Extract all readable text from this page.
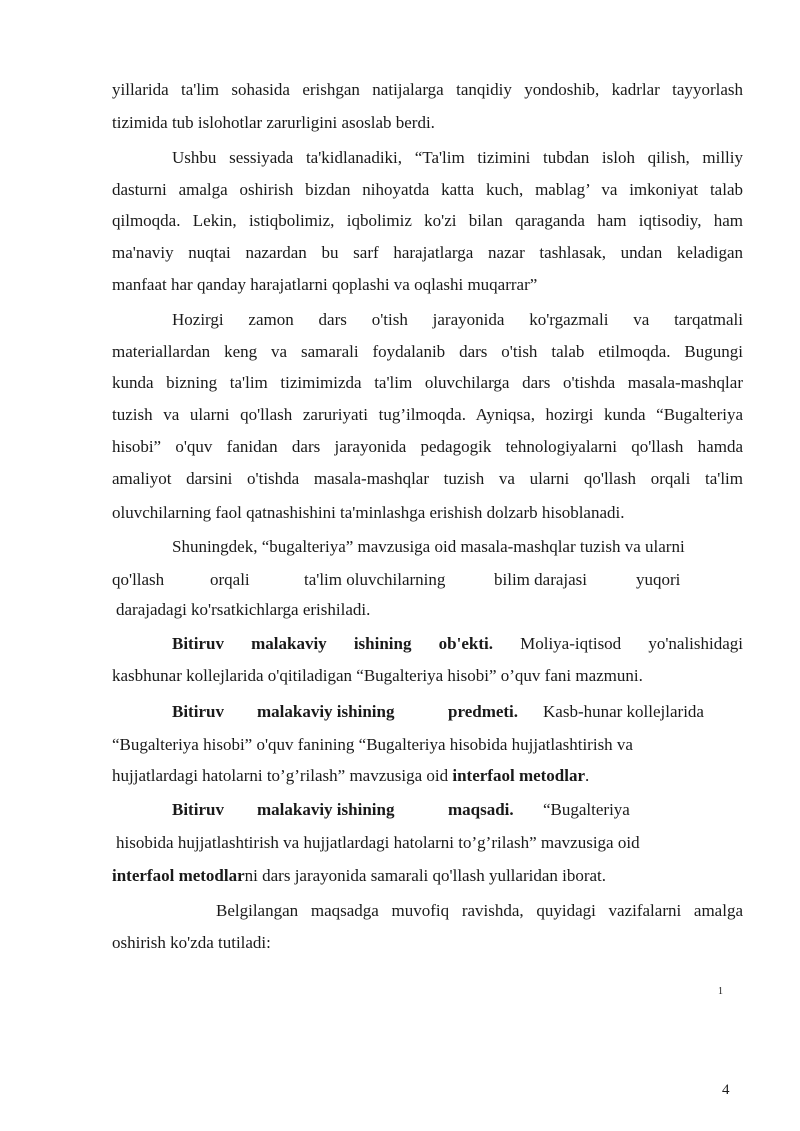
yillarida ta'lim sohasida erishgan natijalarga tanqidiy yondoshib, kadrlar tayyorlash
tizimida tub islohotlar zarurligini asoslab berdi.
Ushbu sessiyada ta'kidlanadiki, “Ta'lim tizimini tubdan isloh qilish, milliy
dasturni amalga oshirish bizdan nihoyatda katta kuch, mablag’ va imkoniyat talab
qilmoqda. Lekin, istiqbolimiz, iqbolimiz ko'zi bilan qaraganda ham iqtisodiy, ham
ma'naviy nuqtai nazardan bu sarf harajatlarga nazar tashlasak, undan keladigan
manfaat har qanday harajatlarni qoplashi va oqlashi muqarrar”
Hozirgi zamon dars o'tish jarayonida ko'rgazmali va tarqatmali
materiallardan keng va samarali foydalanib dars o'tish talab etilmoqda. Bugungi
kunda bizning ta'lim tizimimizda ta'lim oluvchilarga dars o'tishda masala-mashqlar
tuzish va ularni qo'llash zaruriyati tug’ilmoqda. Ayniqsa, hozirgi kunda “Bugalteriya
hisobi” o'quv fanidan dars jarayonida pedagogik tehnologiyalarni qo'llash hamda
amaliyot darsini o'tishda masala-mashqlar tuzish va ularni qo'llash orqali ta'lim
oluvchilarning faol qatnashishini ta'minlashga erishish dolzarb hisoblanadi.
Shuningdek, “bugalteriya” mavzusiga oid masala-mashqlar tuzish va ularni
qo'llash	orqali	ta'lim oluvchilarning	bilim darajasi	yuqori
darajadagi ko'rsatkichlarga erishiladi.
Bitiruv malakaviy ishining ob'ekti. Moliya-iqtisod yo'nalishidagi
kasbhunar kollejlarida o'qitiladigan “Bugalteriya hisobi” o’quv fani mazmuni.
Bitiruv malakaviy ishining	predmeti. Kasb-hunar kollejlarida
“Bugalteriya hisobi” o'quv fanining “Bugalteriya hisobida hujjatlashtirish va
hujjatlardagi hatolarni to’g’rilash” mavzusiga oid interfaol metodlar.
Bitiruv malakaviy ishining	maqsadi. “Bugalteriya
hisobida hujjatlashtirish va hujjatlardagi hatolarni to’g’rilash” mavzusiga oid
interfaol metodlarni dars jarayonida samarali qo'llash yullaridan iborat.
Belgilangan maqsadga muvofiq ravishda, quyidagi vazifalarni amalga
oshirish ko'zda tutiladi:
1
4
